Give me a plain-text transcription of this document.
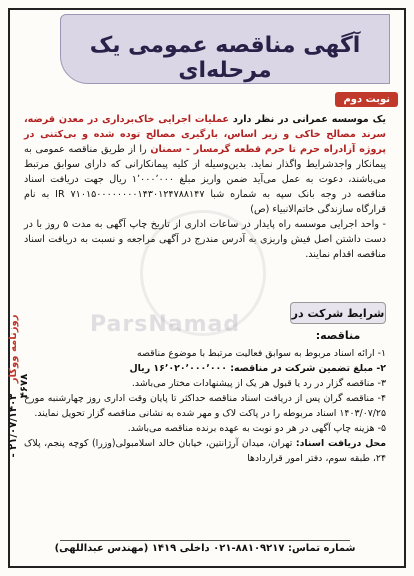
آگهی مناقصه عمومی یک مرحله‌ای
نوبت دوم
روزنامه ووکار   ۲۱/۰۷/۱۴۰۳ - ۴۶۷۸

یک موسسه عمرانی در نظر دارد عملیات اجرایی خاک‌برداری در معدن قرضه، سرند مصالح خاکی و زیر اساس، بارگیری مصالح توده شده و بی‌کتنی در پروژه آزادراه حرم تا حرم قطعه گرمسار - سمنان را از طریق مناقصه عمومی به پیمانکار واجدشرایط واگذار نماید. بدین‌وسیله از کلیه پیمانکارانی که دارای سوابق مرتبط می‌باشند، دعوت به عمل می‌آید ضمن واریز مبلغ ۱٬۰۰۰٬۰۰۰ ریال جهت دریافت اسناد مناقصه در وجه بانک سپه به شماره شبا IR ۷۱۰۱۵۰۰۰۰۰۰۰۰۱۴۳۰۱۲۴۷۸۸۱۴۷ به نام قرارگاه سازندگی خاتم‌الانبیاء (ص)

- واحد اجرایی موسسه راه پایدار در ساعات اداری از تاریخ چاپ آگهی به مدت ۵ روز با در دست داشتن اصل فیش واریزی به آدرس مندرج در آگهی مراجعه و نسبت به دریافت اسناد مناقصه اقدام نمایند.

ParsNamad	شرایط شرکت در مناقصه:

۱- ارائه اسناد مربوط به سوابق فعالیت مرتبط با موضوع مناقصه

۲- مبلغ تضمین شرکت در مناقصه: ۱۶٬۰۲۰٬۰۰۰٬۰۰۰ ریال

۳- مناقصه گزار در رد یا قبول هر یک از پیشنهادات مختار می‌باشد.

۴- مناقصه گران پس از دریافت اسناد مناقصه حداکثر تا پایان وقت اداری روز چهارشنبه مورخ ۱۴۰۳/۰۷/۲۵ اسناد مربوطه را در پاکت لاک و مهر شده به نشانی مناقصه گزار تحویل نمایند.

۵- هزینه چاپ آگهی در هر دو نوبت به عهده برنده مناقصه می‌باشد.

محل دریافت اسناد: تهران، میدان آرژانتین، خیابان خالد اسلامبولی(وزرا) کوچه پنجم، پلاک ۲۴، طبقه سوم، دفتر امور قراردادها

شماره تماس: ۸۸۱۰۹۲۱۷-۰۲۱ داخلی ۱۴۱۹ (مهندس عبداللهی)
